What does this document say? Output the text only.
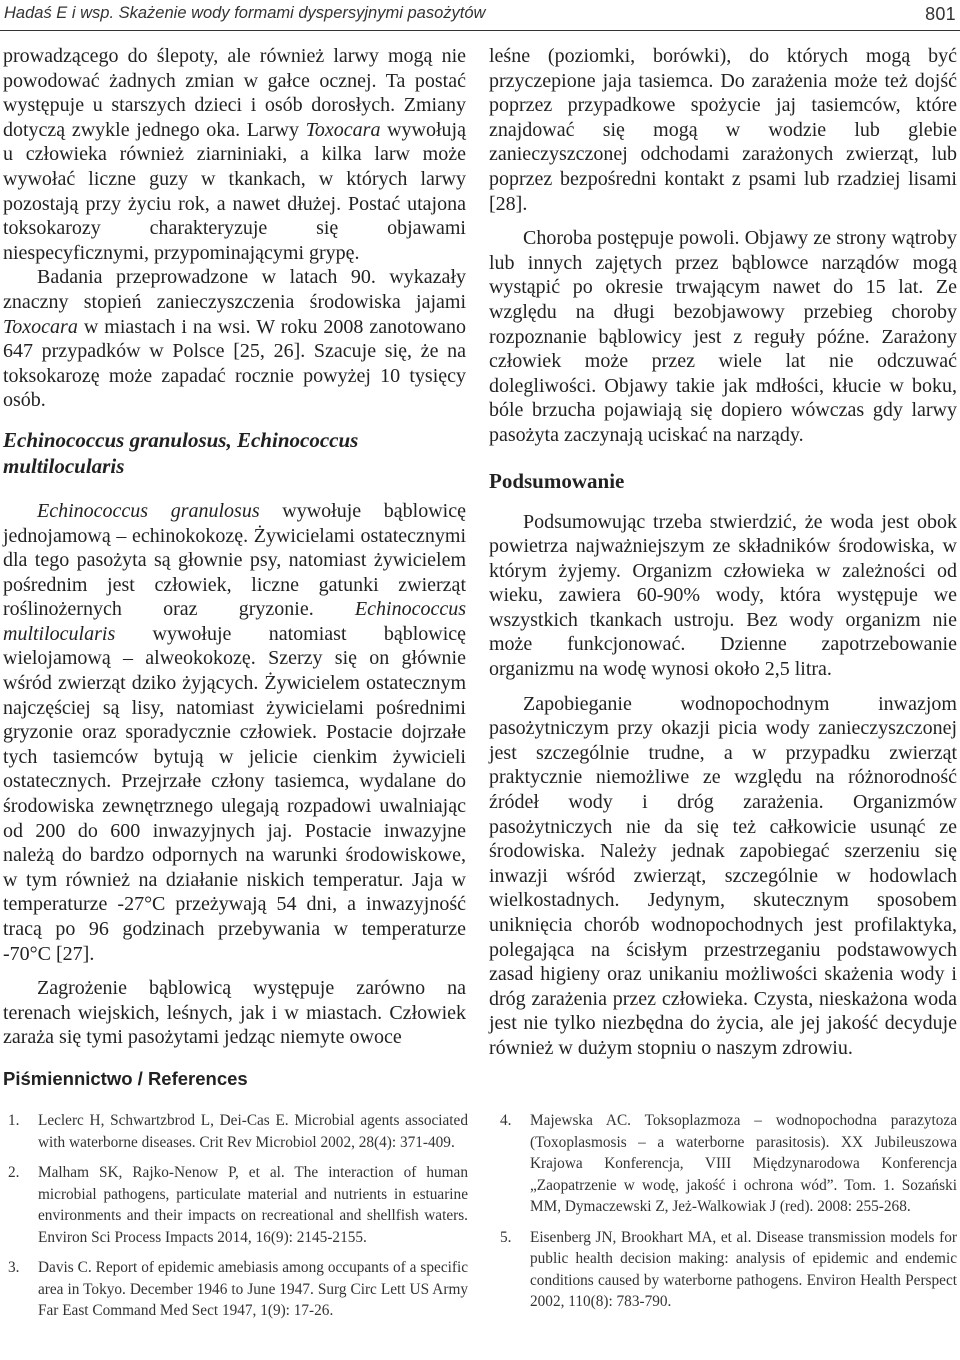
Hadaś E i wsp. Skażenie wody formami dyspersyjnymi pasożytów	801

prowadzącego do ślepoty, ale również larwy mogą nie powodować żadnych zmian w gałce ocznej. Ta postać występuje u starszych dzieci i osób dorosłych. Zmiany dotyczą zwykle jednego oka. Larwy Toxocara wywołują u człowieka również ziarniniaki, a kilka larw może wywołać liczne guzy w tkankach, w których larwy pozostają przy życiu rok, a nawet dłużej. Postać utajona toksokarozy charakteryzuje się objawami niespecyficznymi, przypominającymi grypę.

Badania przeprowadzone w latach 90. wykazały znaczny stopień zanieczyszczenia środowiska jajami Toxocara w miastach i na wsi. W roku 2008 zanotowano 647 przypadków w Polsce [25, 26]. Szacuje się, że na toksokarozę może zapadać rocznie powyżej 10 tysięcy osób.

Echinococcus granulosus, Echinococcus multilocularis

Echinococcus granulosus wywołuje bąblowicę jednojamową – echinokokozę. Żywicielami ostatecznymi dla tego pasożyta są głownie psy, natomiast żywicielem pośrednim jest człowiek, liczne gatunki zwierząt roślinożernych oraz gryzonie. Echinococcus multilocularis wywołuje natomiast bąblowicę wielojamową – alweokokozę. Szerzy się on głównie wśród zwierząt dziko żyjących. Żywicielem ostatecznym najczęściej są lisy, natomiast żywicielami pośrednimi gryzonie oraz sporadycznie człowiek. Postacie dojrzałe tych tasiemców bytują w jelicie cienkim żywicieli ostatecznych. Przejrzałe człony tasiemca, wydalane do środowiska zewnętrznego ulegają rozpadowi uwalniając od 200 do 600 inwazyjnych jaj. Postacie inwazyjne należą do bardzo odpornych na warunki środowiskowe, w tym również na działanie niskich temperatur. Jaja w temperaturze -27°C przeżywają 54 dni, a inwazyjność tracą po 96 godzinach przebywania w temperaturze -70°C [27].

Zagrożenie bąblowicą występuje zarówno na terenach wiejskich, leśnych, jak i w miastach. Człowiek zaraża się tymi pasożytami jedząc niemyte owoce

leśne (poziomki, borówki), do których mogą być przyczepione jaja tasiemca. Do zarażenia może też dojść poprzez przypadkowe spożycie jaj tasiemców, które znajdować się mogą w wodzie lub glebie zanieczyszczonej odchodami zarażonych zwierząt, lub poprzez bezpośredni kontakt z psami lub rzadziej lisami [28].

Choroba postępuje powoli. Objawy ze strony wątroby lub innych zajętych przez bąblowce narządów mogą wystąpić po okresie trwającym nawet do 15 lat. Ze względu na długi bezobjawowy przebieg choroby rozpoznanie bąblowicy jest z reguły późne. Zarażony człowiek może przez wiele lat nie odczuwać dolegliwości. Objawy takie jak mdłości, kłucie w boku, bóle brzucha pojawiają się dopiero wówczas gdy larwy pasożyta zaczynają uciskać na narządy.

Podsumowanie

Podsumowując trzeba stwierdzić, że woda jest obok powietrza najważniejszym ze składników środowiska, w którym żyjemy. Organizm człowieka w zależności od wieku, zawiera 60-90% wody, która występuje we wszystkich tkankach ustroju. Bez wody organizm nie może funkcjonować. Dzienne zapotrzebowanie organizmu na wodę wynosi około 2,5 litra.

Zapobieganie wodnopochodnym inwazjom pasożytniczym przy okazji picia wody zanieczyszczonej jest szczególnie trudne, a w przypadku zwierząt praktycznie niemożliwe ze względu na różnorodność źródeł wody i dróg zarażenia. Organizmów pasożytniczych nie da się też całkowicie usunąć ze środowiska. Należy jednak zapobiegać szerzeniu się inwazji wśród zwierząt, szczególnie w hodowlach wielkostadnych. Jedynym, skutecznym sposobem uniknięcia chorób wodnopochodnych jest profilaktyka, polegająca na ścisłym przestrzeganiu podstawowych zasad higieny oraz unikaniu możliwości skażenia wody i dróg zarażenia przez człowieka. Czysta, nieskażona woda jest nie tylko niezbędna do życia, ale jej jakość decyduje również w dużym stopniu o naszym zdrowiu.

Piśmiennictwo / References
1.	Leclerc H, Schwartzbrod L, Dei-Cas E. Microbial agents associated with waterborne diseases. Crit Rev Microbiol 2002, 28(4): 371-409.
2.	Malham SK, Rajko-Nenow P, et al. The interaction of human microbial pathogens, particulate material and nutrients in estuarine environments and their impacts on recreational and shellfish waters. Environ Sci Process Impacts 2014, 16(9): 2145-2155.
3.	Davis C. Report of epidemic amebiasis among occupants of a specific area in Tokyo. December 1946 to June 1947. Surg Circ Lett US Army Far East Command Med Sect 1947, 1(9): 17-26.
4.	Majewska AC. Toksoplazmoza – wodnopochodna parazytoza (Toxoplasmosis – a waterborne parasitosis). XX Jubileuszowa Krajowa Konferencja, VIII Międzynarodowa Konferencja „Zaopatrzenie w wodę, jakość i ochrona wód”. Tom. 1. Sozański MM, Dymaczewski Z, Jeż-Walkowiak J (red). 2008: 255-268.
5.	Eisenberg JN, Brookhart MA, et al. Disease transmission models for public health decision making: analysis of epidemic and endemic conditions caused by waterborne pathogens. Environ Health Perspect 2002, 110(8): 783-790.
